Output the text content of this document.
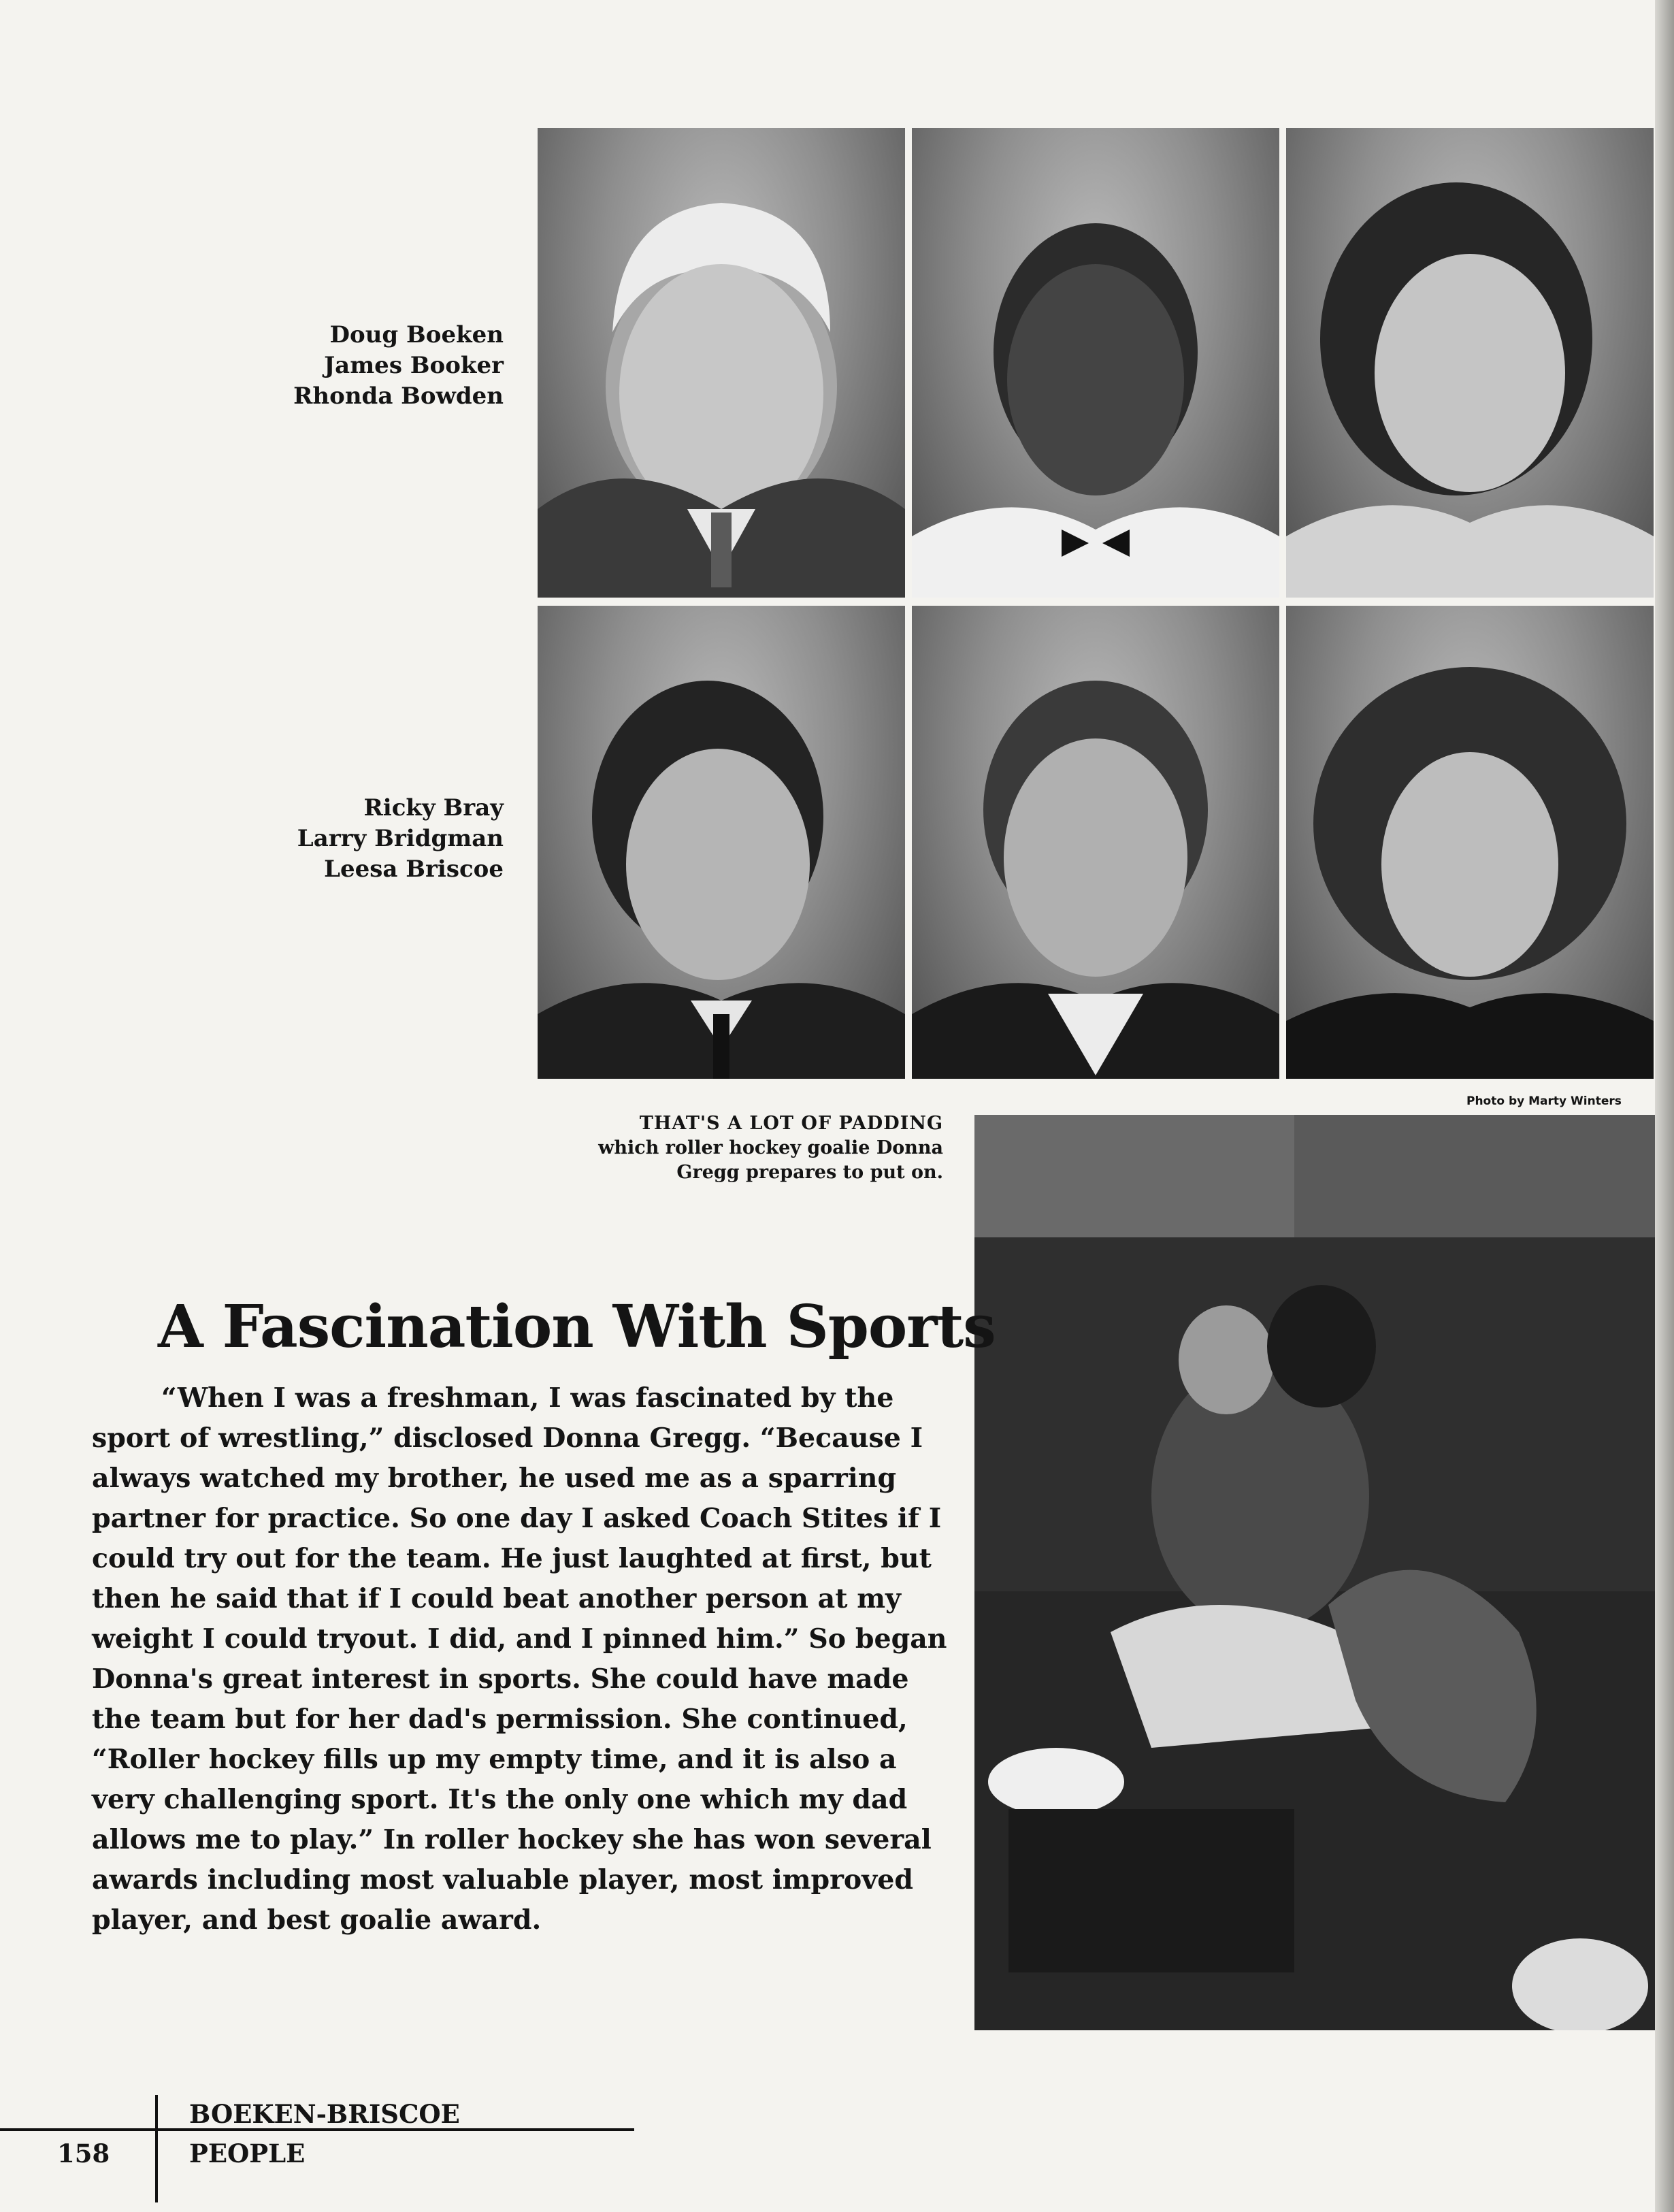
Doug Boeken
James Booker
Rhonda Bowden
Ricky Bray
Larry Bridgman
Leesa Briscoe
Photo by Marty Winters
THAT'S A LOT OF PADDING
which roller hockey goalie Donna
Gregg prepares to put on.
A Fascination With Sports
“When I was a freshman, I was fascinated by the
sport of wrestling,” disclosed Donna Gregg. “Because I
always watched my brother, he used me as a sparring
partner for practice. So one day I asked Coach Stites if I
could try out for the team. He just laughted at first, but
then he said that if I could beat another person at my
weight I could tryout. I did, and I pinned him.” So began
Donna's great interest in sports. She could have made
the team but for her dad's permission. She continued,
“Roller hockey fills up my empty time, and it is also a
very challenging sport. It's the only one which my dad
allows me to play.” In roller hockey she has won several
awards including most valuable player, most improved
player, and best goalie award.
158
BOEKEN-BRISCOE
PEOPLE
